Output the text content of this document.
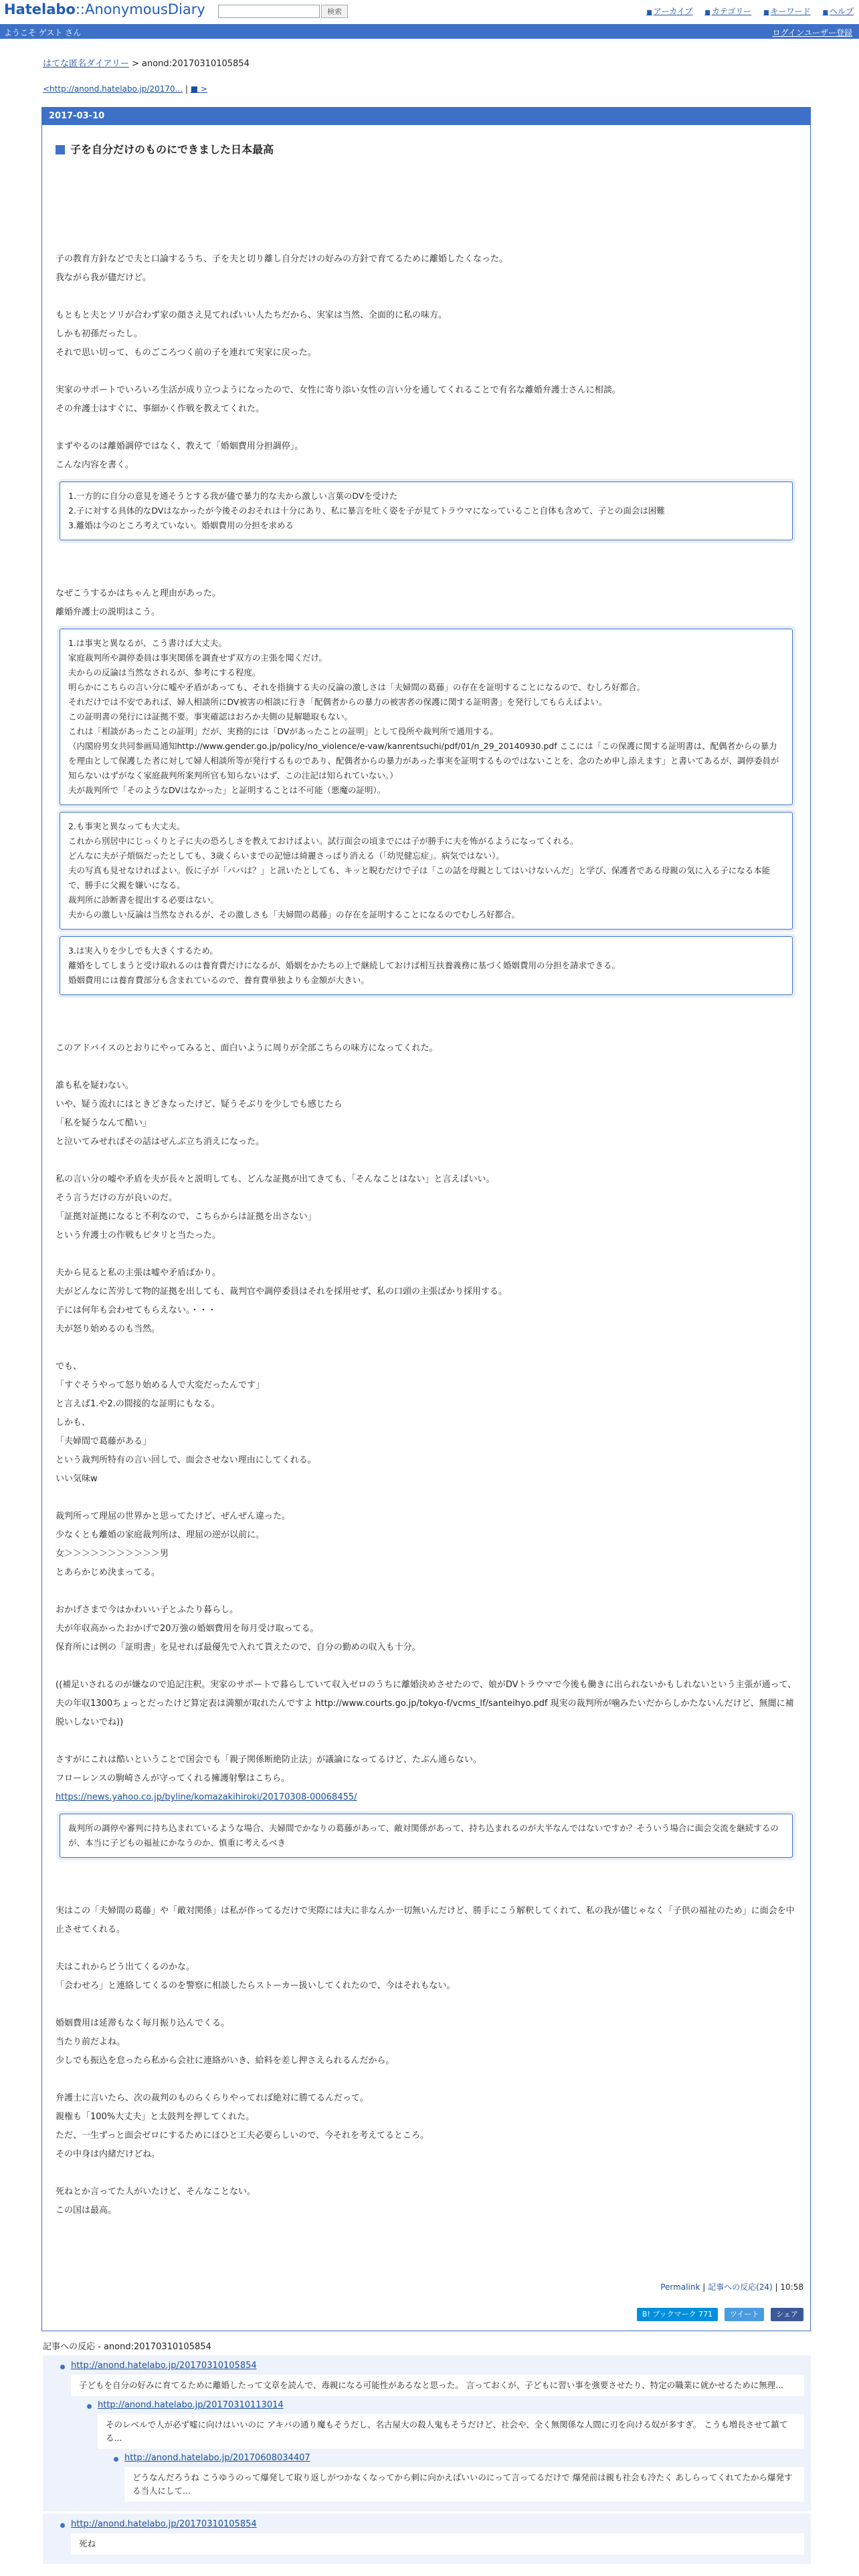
Hatelabo::AnonymousDiary	検索	■ アーカイブ ■ カテゴリー ■ キーワード ■ ヘルプ
ようこそ ゲスト さん	ログイン ユーザー登録
はてな匿名ダイアリー > anond:20170310105854
<http://anond.hatelabo.jp/20170... | ■ >
2017-03-10
子を自分だけのものにできました日本最高

子の教育方針などで夫と口論するうち、子を夫と切り離し自分だけの好みの方針で育てるために離婚したくなった。

我ながら我が儘だけど。

もともと夫とソリが合わず家の顔さえ見てればいい人たちだから、実家は当然、全面的に私の味方。

しかも初孫だったし。

それで思い切って、ものごころつく前の子を連れて実家に戻った。

実家のサポートでいろいろ生活が成り立つようになったので、女性に寄り添い女性の言い分を通してくれることで有名な離婚弁護士さんに相談。

その弁護士はすぐに、事細かく作戦を教えてくれた。

まずやるのは離婚調停ではなく、教えて「婚姻費用分担調停」。

こんな内容を書く。

1.一方的に自分の意見を通そうとする我が儘で暴力的な夫から激しい言葉のDVを受けた
2.子に対する具体的なDVはなかったが今後そのおそれは十分にあり、私に暴言を吐く姿を子が見てトラウマになっていること自体も含めて、子との面会は困難
3.離婚は今のところ考えていない。婚姻費用の分担を求める

なぜこうするかはちゃんと理由があった。

離婚弁護士の説明はこう。

1.は事実と異なるが、こう書けば大丈夫。
家庭裁判所や調停委員は事実関係を調査せず双方の主張を聞くだけ。
夫からの反論は当然なされるが、参考にする程度。
明らかにこちらの言い分に嘘や矛盾があっても、それを指摘する夫の反論の激しさは「夫婦間の葛藤」の存在を証明することになるので、むしろ好都合。
それだけでは不安であれば、婦人相談所にDV被害の相談に行き「配偶者からの暴力の被害者の保護に関する証明書」を発行してもらえばよい。
この証明書の発行には証拠不要。事実確認はおろか夫側の見解聴取もない。
これは「相談があったことの証明」だが、実務的には「DVがあったことの証明」として役所や裁判所で通用する。
（内閣府男女共同参画局通知http://www.gender.go.jp/policy/no_violence/e-vaw/kanrentsuchi/pdf/01/n_29_20140930.pdf ここには「この保護に関する証明書は、配偶者からの暴力を理由として保護した者に対して婦人相談所等が発行するものであり、配偶者からの暴力があった事実を証明するものではないことを、念のため申し添えます」と書いてあるが、調停委員が知らないはずがなく家庭裁判所案判所官も知らないはず、この注記は知られていない。）
夫が裁判所で「そのようなDVはなかった」と証明することは不可能（悪魔の証明）。
2.も事実と異なっても大丈夫。
これから別居中にじっくりと子に夫の恐ろしさを教えておけばよい。試行面会の頃までには子が勝手に夫を怖がるようになってくれる。
どんなに夫が子煩悩だったとしても、3歳くらいまでの記憶は綺麗さっぱり消える（「幼児健忘症」。病気ではない）。
夫の写真も見せなければよい。仮に子が「パパは？」と訊いたとしても、キッと睨むだけで子は「この話を母親としてはいけないんだ」と学び、保護者である母親の気に入る子になる本能で、勝手に父親を嫌いになる。
裁判所に診断書を提出する必要はない。
夫からの激しい反論は当然なされるが、その激しさも「夫婦間の葛藤」の存在を証明することになるのでむしろ好都合。
3.は実入りを少しでも大きくするため。
離婚をしてしまうと受け取れるのは養育費だけになるが、婚姻をかたちの上で継続しておけば相互扶養義務に基づく婚姻費用の分担を請求できる。
婚姻費用には養育費部分も含まれているので、養育費単独よりも金額が大きい。

このアドバイスのとおりにやってみると、面白いように周りが全部こちらの味方になってくれた。

誰も私を疑わない。

いや、疑う流れにはときどきなったけど、疑うそぶりを少しでも感じたら

「私を疑うなんて酷い」

と泣いてみせればその話はぜんぶ立ち消えになった。

私の言い分の嘘や矛盾を夫が長々と説明しても、どんな証拠が出てきても、「そんなことはない」と言えばいい。

そう言うだけの方が良いのだ。

「証拠対証拠になると不利なので、こちらからは証拠を出さない」

という弁護士の作戦もピタリと当たった。

夫から見ると私の主張は嘘や矛盾ばかり。

夫がどんなに苦労して物的証拠を出しても、裁判官や調停委員はそれを採用せず、私の口頭の主張ばかり採用する。

子には何年も会わせてもらえない。・・・

夫が怒り始めるのも当然。

でも、

「すぐそうやって怒り始める人で大変だったんです」

と言えば1.や2.の間接的な証明にもなる。

しかも、

「夫婦間で葛藤がある」

という裁判所特有の言い回しで、面会させない理由にしてくれる。

いい気味w

裁判所って理屈の世界かと思ってたけど、ぜんぜん違った。

少なくとも離婚の家庭裁判所は、理屈の逆が以前に。

女＞＞＞＞＞＞＞＞＞＞＞男

とあらかじめ決まってる。

おかげさまで今はかわいい子とふたり暮らし。

夫が年収高かったおかげで20万強の婚姻費用を毎月受け取ってる。

保育所には例の「証明書」を見せれば最優先で入れて貰えたので、自分の勤めの収入も十分。

((補足いされるのが嫌なので追記注釈。実家のサポートで暮らしていて収入ゼロのうちに離婚決めさせたので、娘がDVトラウマで今後も働きに出られないかもしれないという主張が通って、夫の年収1300ちょっとだったけど算定表は満額が取れたんですよ http://www.courts.go.jp/tokyo-f/vcms_lf/santeihyo.pdf 現実の裁判所が噛みたいだからしかたないんだけど、無闇に補脱いしないでね))

さすがにこれは酷いということで国会でも「親子関係断絶防止法」が議論になってるけど、たぶん通らない。

フローレンスの駒崎さんが守ってくれる擁護射撃はこちら。

https://news.yahoo.co.jp/byline/komazakihiroki/20170308-00068455/

裁判所の調停や審判に持ち込まれているような場合、夫婦間でかなりの葛藤があって、敵対関係があって、持ち込まれるのが大半なんではないですか？そういう場合に面会交流を継続するのが、本当に子どもの福祉にかなうのか、慎重に考えるべき

実はこの「夫婦間の葛藤」や「敵対関係」は私が作ってるだけで実際には夫に非なんか一切無いんだけど、勝手にこう解釈してくれて、私の我が儘じゃなく「子供の福祉のため」に面会を中止させてくれる。

夫はこれからどう出てくるのかな。

「会わせろ」と連絡してくるのを警察に相談したらストーカー扱いしてくれたので、今はそれもない。

婚姻費用は延滞もなく毎月振り込んでくる。

当たり前だよね。

少しでも振込を怠ったら私から会社に連絡がいき、給料を差し押さえられるんだから。

弁護士に言いたら、次の裁判のものらくらりやってれば絶対に勝てるんだって。

親権も「100%大丈夫」と太鼓判を押してくれた。

ただ、一生ずっと面会ゼロにするためにほひと工夫必要らしいので、今それを考えてるところ。

その中身は内緒だけどね。

死ねとか言ってた人がいたけど、そんなことない。

この国は最高。

Permalink | 記事への反応(24) | 10:58
B! ブックマーク 771 ツイート シェア
記事への反応 - anond:20170310105854
http://anond.hatelabo.jp/20170310105854
子どもを自分の好みに育てるために離婚したって文章を読んで、毒親になる可能性があるなと思った。 言っておくが、子どもに習い事を強要させたり、特定の職業に就かせるために無理...
http://anond.hatelabo.jp/20170310113014
そのレベルで人が必ず嘘に向けはいいのに アキバの通り魔もそうだし、名古屋大の殺人鬼もそうだけど、社会や、全く無関係な人間に刃を向ける奴が多すぎ。 こうも増長させて鎮てる...
http://anond.hatelabo.jp/20170608034407
どうなんだろうね こうゆうのって爆発して取り返しがつかなくなってから刺に向かえばいいのにって言ってるだけで 爆発前は親も社会も冷たく あしらってくれてたから爆発する当人にして...
http://anond.hatelabo.jp/20170310105854
死ね
